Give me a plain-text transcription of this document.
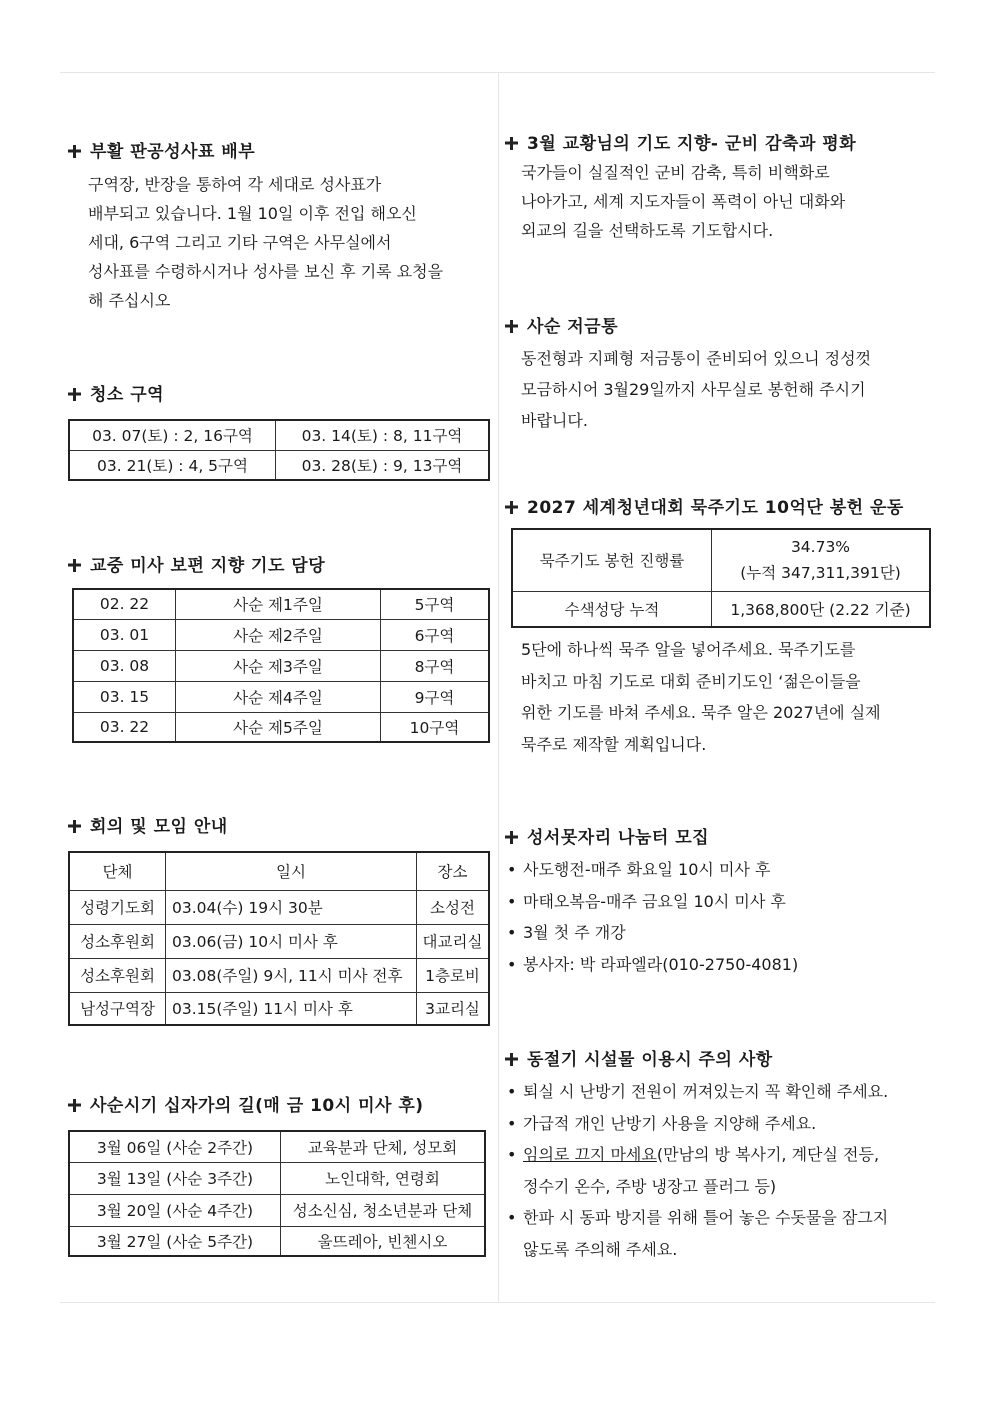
부활 판공성사표 배부
구역장, 반장을 통하여 각 세대로 성사표가
배부되고 있습니다. 1월 10일 이후 전입 해오신
세대, 6구역 그리고 기타 구역은 사무실에서
성사표를 수령하시거나 성사를 보신 후 기록 요청을
해 주십시오
청소 구역
03. 07(토) : 2, 16구역	03. 14(토) : 8, 11구역
03. 21(토) : 4, 5구역	03. 28(토) : 9, 13구역
교중 미사 보편 지향 기도 담당
02. 22	사순 제1주일	5구역
03. 01	사순 제2주일	6구역
03. 08	사순 제3주일	8구역
03. 15	사순 제4주일	9구역
03. 22	사순 제5주일	10구역
회의 및 모임 안내
단체	일시	장소
성령기도회	03.04(수) 19시 30분	소성전
성소후원회	03.06(금) 10시 미사 후	대교리실
성소후원회	03.08(주일) 9시, 11시 미사 전후	1층로비
남성구역장	03.15(주일) 11시 미사 후	3교리실
사순시기 십자가의 길(매 금 10시 미사 후)
3월 06일 (사순 2주간)	교육분과 단체, 성모회
3월 13일 (사순 3주간)	노인대학, 연령회
3월 20일 (사순 4주간)	성소신심, 청소년분과 단체
3월 27일 (사순 5주간)	울뜨레아, 빈첸시오
3월 교황님의 기도 지향- 군비 감축과 평화
국가들이 실질적인 군비 감축, 특히 비핵화로
나아가고, 세계 지도자들이 폭력이 아닌 대화와
외교의 길을 선택하도록 기도합시다.
사순 저금통
동전형과 지폐형 저금통이 준비되어 있으니 정성껏
모금하시어 3월29일까지 사무실로 봉헌해 주시기
바랍니다.
2027 세계청년대회 묵주기도 10억단 봉헌 운동
묵주기도 봉헌 진행률	34.73%
(누적 347,311,391단)

수색성당 누적	1,368,800단 (2.22 기준)
5단에 하나씩 묵주 알을 넣어주세요. 묵주기도를
바치고 마침 기도로 대회 준비기도인 ‘젊은이들을
위한 기도를 바쳐 주세요. 묵주 알은 2027년에 실제
묵주로 제작할 계획입니다.
성서못자리 나눔터 모집
• 사도행전-매주 화요일 10시 미사 후
• 마태오복음-매주 금요일 10시 미사 후
• 3월 첫 주 개강
• 봉사자: 박 라파엘라(010-2750-4081)
동절기 시설물 이용시 주의 사항
• 퇴실 시 난방기 전원이 꺼져있는지 꼭 확인해 주세요.
• 가급적 개인 난방기 사용을 지양해 주세요.
• 임의로 끄지 마세요(만남의 방 복사기, 계단실 전등,
정수기 온수, 주방 냉장고 플러그 등)
• 한파 시 동파 방지를 위해 틀어 놓은 수돗물을 잠그지
않도록 주의해 주세요.
